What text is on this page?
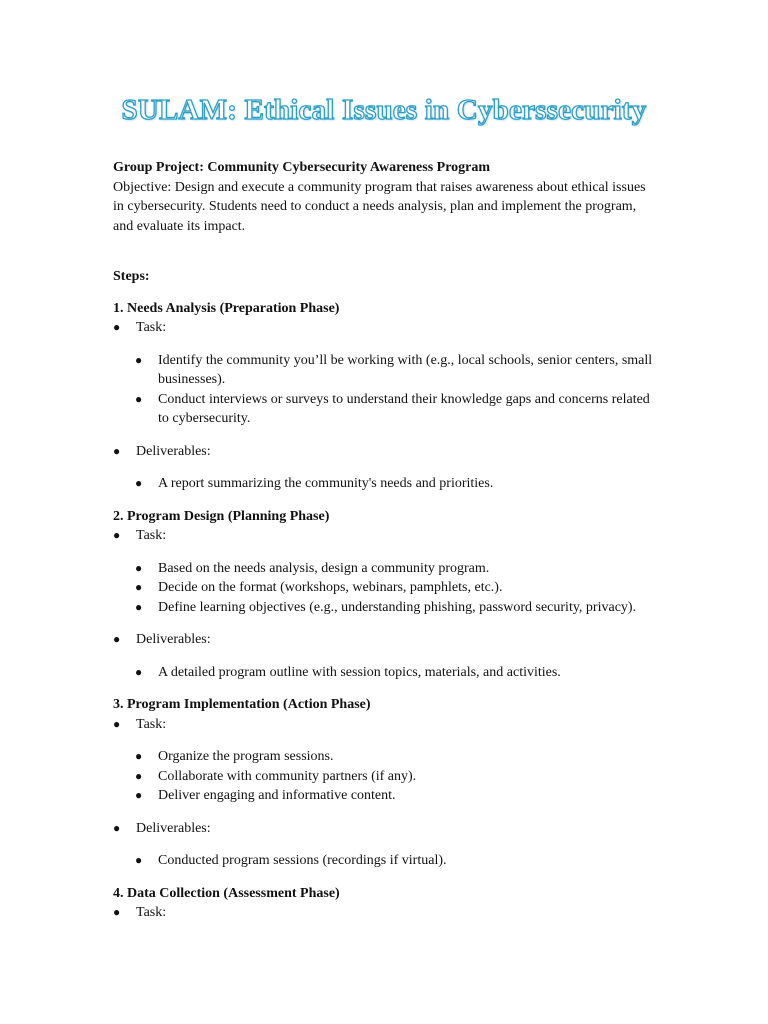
SULAM: Ethical Issues in Cyberssecurity

Group Project: Community Cybersecurity Awareness Program

Objective: Design and execute a community program that raises awareness about ethical issues in cybersecurity. Students need to conduct a needs analysis, plan and implement the program, and evaluate its impact.

Steps:

1. Needs Analysis (Preparation Phase)

● Task:

● Identify the community you’ll be working with (e.g., local schools, senior centers, small businesses).

● Conduct interviews or surveys to understand their knowledge gaps and concerns related to cybersecurity.

● Deliverables:

● A report summarizing the community's needs and priorities.

2. Program Design (Planning Phase)

● Task:

● Based on the needs analysis, design a community program.

● Decide on the format (workshops, webinars, pamphlets, etc.).

● Define learning objectives (e.g., understanding phishing, password security, privacy).

● Deliverables:

● A detailed program outline with session topics, materials, and activities.

3. Program Implementation (Action Phase)

● Task:

● Organize the program sessions.

● Collaborate with community partners (if any).

● Deliver engaging and informative content.

● Deliverables:

● Conducted program sessions (recordings if virtual).

4. Data Collection (Assessment Phase)

● Task:
